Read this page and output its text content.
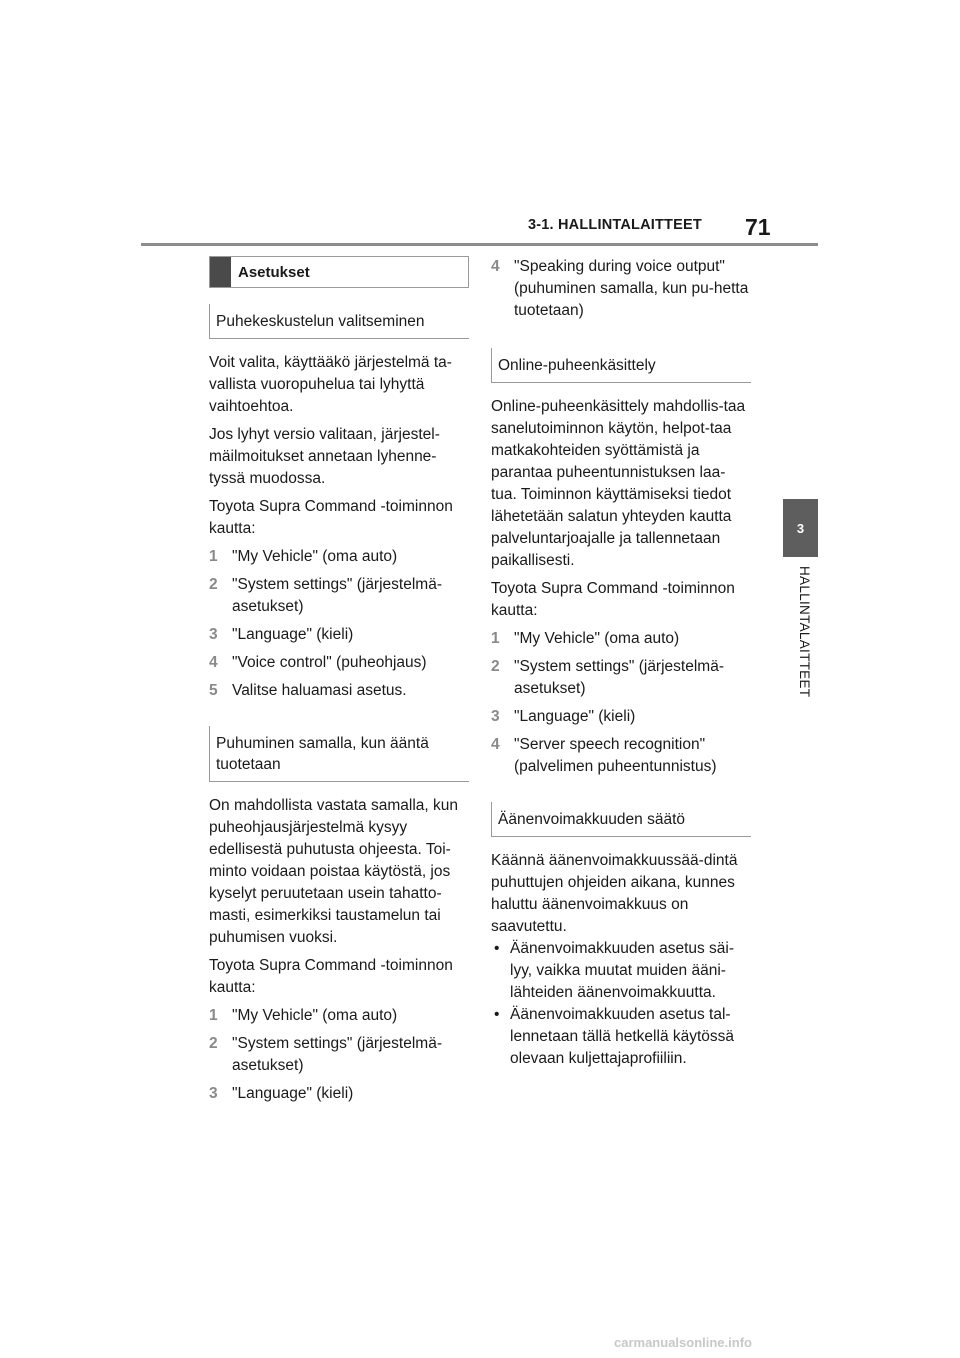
3-1. HALLINTALAITTEET 71
3
HALLINTALAITTEET
Asetukset
Puhekeskustelun valitseminen

Voit valita, käyttääkö järjestelmä ta-vallista vuoropuhelua tai lyhyttä vaihtoehtoa.

Jos lyhyt versio valitaan, järjestel-mäilmoitukset annetaan lyhenne-tyssä muodossa.

Toyota Supra Command -toiminnon kautta:

1 "My Vehicle" (oma auto)
2 "System settings" (järjestelmä-asetukset)
3 "Language" (kieli)
4 "Voice control" (puheohjaus)
5 Valitse haluamasi asetus.
Puhuminen samalla, kun ääntä tuotetaan

On mahdollista vastata samalla, kun puheohjausjärjestelmä kysyy edellisestä puhutusta ohjeesta. Toi-minto voidaan poistaa käytöstä, jos kyselyt peruutetaan usein tahatto-masti, esimerkiksi taustamelun tai puhumisen vuoksi.

Toyota Supra Command -toiminnon kautta:

1 "My Vehicle" (oma auto)
2 "System settings" (järjestelmä-asetukset)
3 "Language" (kieli)
4 "Speaking during voice output" (puhuminen samalla, kun pu-hetta tuotetaan)
Online-puheenkäsittely

Online-puheenkäsittely mahdollis-taa sanelutoiminnon käytön, helpot-taa matkakohteiden syöttämistä ja parantaa puheentunnistuksen laa-tua. Toiminnon käyttämiseksi tiedot lähetetään salatun yhteyden kautta palveluntarjoajalle ja tallennetaan paikallisesti.

Toyota Supra Command -toiminnon kautta:

1 "My Vehicle" (oma auto)
2 "System settings" (järjestelmä-asetukset)
3 "Language" (kieli)
4 "Server speech recognition" (palvelimen puheentunnistus)
Äänenvoimakkuuden säätö

Käännä äänenvoimakkuussää-dintä puhuttujen ohjeiden aikana, kunnes haluttu äänenvoimakkuus on saavutettu.

• Äänenvoimakkuuden asetus säi-lyy, vaikka muutat muiden ääni-lähteiden äänenvoimakkuutta.
• Äänenvoimakkuuden asetus tal-lennetaan tällä hetkellä käytössä olevaan kuljettajaprofiiliin.
carmanualsonline.info
